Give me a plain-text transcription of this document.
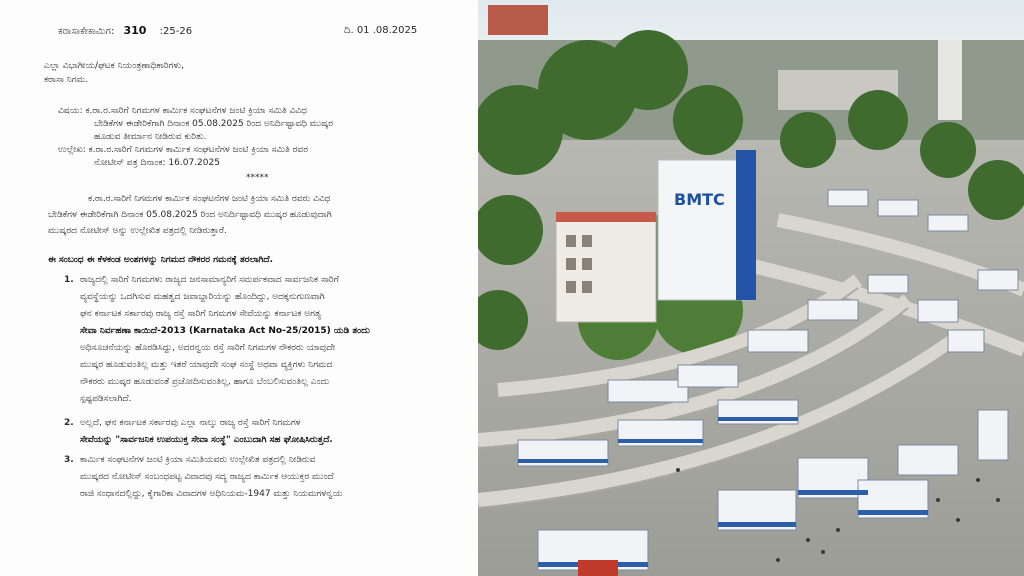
ಕರಾಸಾಕೇಕಾಮಿಗ: 310 :25-26	ದಿ. 01 .08.2025
ಎಲ್ಲಾ ವಿಭಾಗೀಯ/ಘಟಕ ನಿಯಂತ್ರಣಾಧಿಕಾರಿಗಳು,
ಕರಾಸಾ ನಿಗಮ.
ವಿಷಯ: ಕ.ರಾ.ರ.ಸಾರಿಗೆ ನಿಗಮಗಳ ಕಾರ್ಮಿಕ ಸಂಘಟನೆಗಳ ಜಂಟಿ ಕ್ರಿಯಾ ಸಮಿತಿ ವಿವಿಧ
ಬೇಡಿಕೆಗಳ ಈಡೇರಿಕೆಗಾಗಿ ದಿನಾಂಕ 05.08.2025 ರಿಂದ ಅನಿರ್ದಿಷ್ಟಾವಧಿ ಮುಷ್ಕರ
ಹೂಡುವ ತೀರ್ಮಾನ ನೀಡಿರುವ ಕುರಿತು.
ಉಲ್ಲೇಖ: ಕ.ರಾ.ರ.ಸಾರಿಗೆ ನಿಗಮಗಳ ಕಾರ್ಮಿಕ ಸಂಘಟನೆಗಳ ಜಂಟಿ ಕ್ರಿಯಾ ಸಮಿತಿ ರವರ
ನೋಟೀಸ್ ಪತ್ರ ದಿನಾಂಕ: 16.07.2025
*****
ಕ.ರಾ.ರ.ಸಾರಿಗೆ ನಿಗಮಗಳ ಕಾರ್ಮಿಕ ಸಂಘಟನೆಗಳ ಜಂಟಿ ಕ್ರಿಯಾ ಸಮಿತಿ ರವರು ವಿವಿಧ
ಬೇಡಿಕೆಗಳ ಈಡೇರಿಕೆಗಾಗಿ ದಿನಾಂಕ 05.08.2025 ರಿಂದ ಅನಿರ್ದಿಷ್ಟಾವಧಿ ಮುಷ್ಕರ ಹೂಡುವುದಾಗಿ
ಮುಷ್ಕರದ ನೋಟೀಸ್ ಅನ್ನು ಉಲ್ಲೇಖಿತ ಪತ್ರದಲ್ಲಿ ನೀಡಿರುತ್ತಾರೆ.
ಈ ಸಂಬಂಧ ಈ ಕೆಳಕಂಡ ಅಂಶಗಳನ್ನು ನಿಗಮದ ನೌಕರರ ಗಮನಕ್ಕೆ ತರಲಾಗಿದೆ.
1. ರಾಜ್ಯದಲ್ಲಿ ಸಾರಿಗೆ ನಿಗಮಗಳು ರಾಜ್ಯದ ಜನಸಾಮಾನ್ಯರಿಗೆ ಸಮರ್ಪಕವಾದ ಸಾರ್ವಜನಿಕ ಸಾರಿಗೆ
ವ್ಯವಸ್ಥೆಯನ್ನು ಒದಗಿಸುವ ಮಹತ್ವದ ಜವಾಬ್ದಾರಿಯನ್ನು ಹೊಂದಿದ್ದು, ಅದಕ್ಕನುಗುಣವಾಗಿ
ಘನ ಕರ್ನಾಟಕ ಸರ್ಕಾರವು ರಾಜ್ಯ ರಸ್ತೆ ಸಾರಿಗೆ ನಿಗಮಗಳ ಸೇವೆಯನ್ನು ಕರ್ನಾಟಕ ಅಗತ್ಯ
ಸೇವಾ ನಿರ್ವಹಣಾ ಕಾಯಿದೆ-2013 (Karnataka Act No-25/2015) ಯಡಿ ತಂದು
ಅಧಿಸೂಚನೆಯನ್ನು ಹೊರಡಿಸಿದ್ದು, ಅದರನ್ವಯ ರಸ್ತೆ ಸಾರಿಗೆ ನಿಗಮಗಳ ನೌಕರರು ಯಾವುದೇ
ಮುಷ್ಕರ ಹೂಡುವಂತಿಲ್ಲ ಮತ್ತು ಇತರೆ ಯಾವುದೇ ಸಂಘ ಸಂಸ್ಥೆ ಅಥವಾ ವ್ಯಕ್ತಿಗಳು ನಿಗಮದ
ನೌಕರರು ಮುಷ್ಕರ ಹೂಡುವಂತೆ ಪ್ರಚೋದಿಸುವಂತಿಲ್ಲ, ಹಾಗೂ ಬೆಂಬಲಿಸುವಂತಿಲ್ಲ ಎಂದು
ಸ್ಪಷ್ಟಪಡಿಸಲಾಗಿದೆ.
2. ಅಲ್ಲದೆ, ಘನ ಕರ್ನಾಟಕ ಸರ್ಕಾರವು ಎಲ್ಲಾ ನಾಲ್ಕು ರಾಜ್ಯ ರಸ್ತೆ ಸಾರಿಗೆ ನಿಗಮಗಳ
ಸೇವೆಯನ್ನು "ಸಾರ್ವಜನಿಕ ಉಪಯುಕ್ತ ಸೇವಾ ಸಂಸ್ಥೆ" ಎಂಬುದಾಗಿ ಸಹ ಘೋಷಿಸಿರುತ್ತದೆ.
3. ಕಾರ್ಮಿಕ ಸಂಘಟನೆಗಳ ಜಂಟಿ ಕ್ರಿಯಾ ಸಮಿತಿಯವರು ಉಲ್ಲೇಖಿತ ಪತ್ರದಲ್ಲಿ ನೀಡಿರುವ
ಮುಷ್ಕರದ ನೋಟೀಸ್ ಸಂಬಂಧಪಟ್ಟ ವಿವಾದವು ಸದ್ಯ ರಾಜ್ಯದ ಕಾರ್ಮಿಕ ಆಯುಕ್ತರ ಮುಂದೆ
ರಾಜಿ ಸಂಧಾನದಲ್ಲಿದ್ದು, ಕೈಗಾರಿಕಾ ವಿವಾದಗಳ ಅಧಿನಿಯಮ-1947 ಮತ್ತು ನಿಯಮಗಳನ್ವಯ
BMTC
